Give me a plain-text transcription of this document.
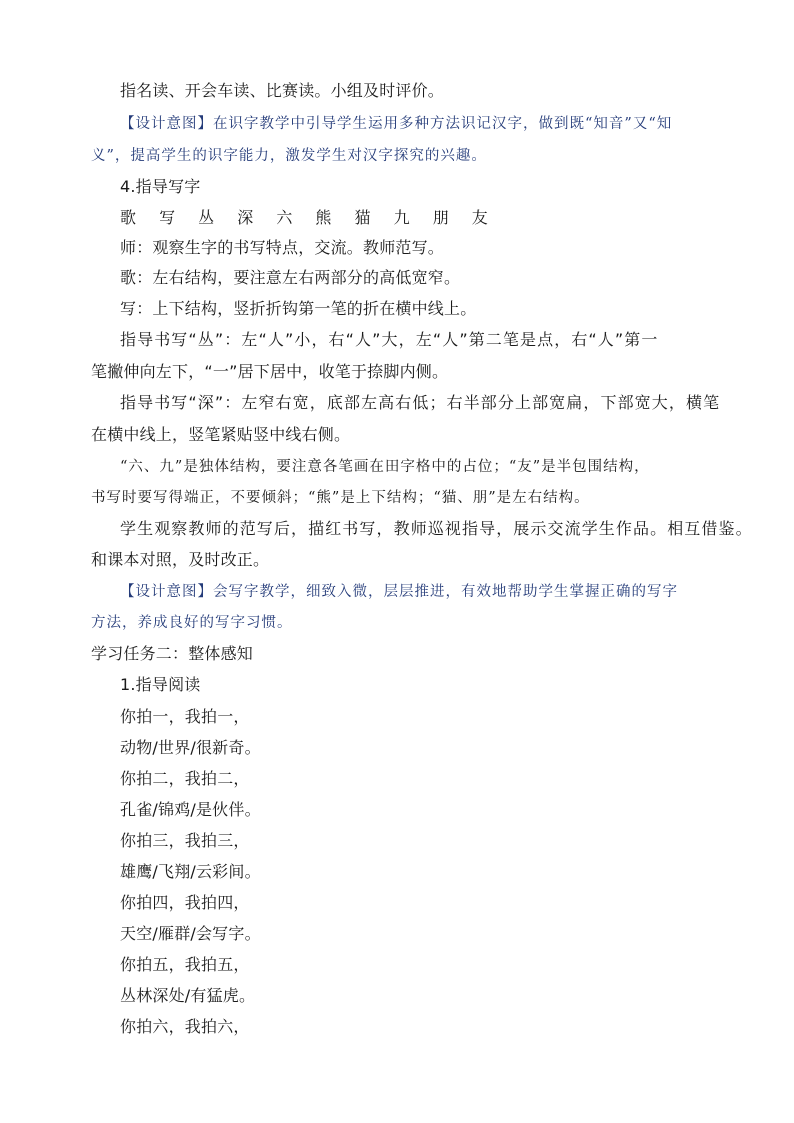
指名读、开会车读、比赛读。小组及时评价。
【设计意图】在识字教学中引导学生运用多种方法识记汉字，做到既“知音”又“知
义”，提高学生的识字能力，激发学生对汉字探究的兴趣。
4.指导写字
歌 写 丛 深 六 熊 猫 九 朋 友
师：观察生字的书写特点，交流。教师范写。
歌：左右结构，要注意左右两部分的高低宽窄。
写：上下结构，竖折折钩第一笔的折在横中线上。
指导书写“丛”：左“人”小，右“人”大，左“人”第二笔是点，右“人”第一
笔撇伸向左下，“一”居下居中，收笔于捺脚内侧。
指导书写“深”：左窄右宽，底部左高右低；右半部分上部宽扁，下部宽大，横笔
在横中线上，竖笔紧贴竖中线右侧。
“六、九”是独体结构，要注意各笔画在田字格中的占位；“友”是半包围结构，
书写时要写得端正，不要倾斜；“熊”是上下结构；“猫、朋”是左右结构。
学生观察教师的范写后，描红书写，教师巡视指导，展示交流学生作品。相互借鉴。
和课本对照，及时改正。
【设计意图】会写字教学，细致入微，层层推进，有效地帮助学生掌握正确的写字
方法，养成良好的写字习惯。
学习任务二：整体感知
1.指导阅读
你拍一，我拍一，
动物/世界/很新奇。
你拍二，我拍二，
孔雀/锦鸡/是伙伴。
你拍三，我拍三，
雄鹰/飞翔/云彩间。
你拍四，我拍四，
天空/雁群/会写字。
你拍五，我拍五，
丛林深处/有猛虎。
你拍六，我拍六，
